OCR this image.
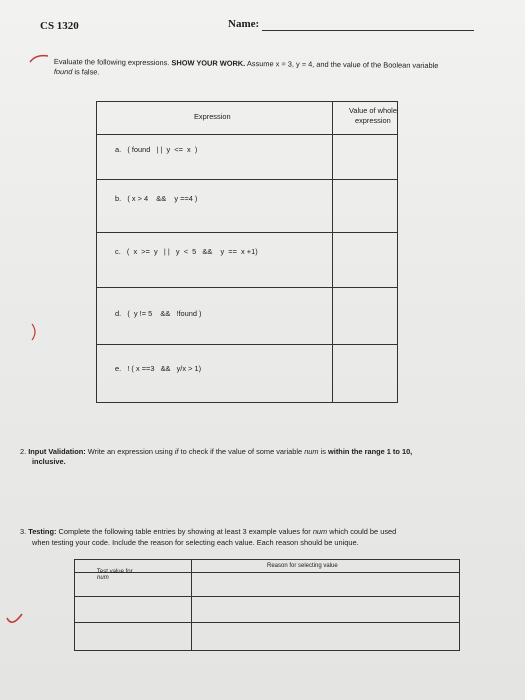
CS 1320	Name:
Evaluate the following expressions. SHOW YOUR WORK. Assume x = 3, y = 4, and the value of the Boolean variable
found is false.
Expression
Value of whole
expression
a.   ( found   | |  y  <=  x  )
b.   ( x > 4    &&    y ==4 )
c.   (  x  >=  y   | |   y  <  5   &&    y  ==  x +1)
d.   (  y != 5    &&   !found )
e.   ! ( x ==3   &&   y/x > 1)
2. Input Validation: Write an expression using if to check if the value of some variable num is within the range 1 to 10,
inclusive.
3. Testing: Complete the following table entries by showing at least 3 example values for num which could be used
when testing your code. Include the reason for selecting each value. Each reason should be unique.

Test value for
num

Reason for selecting value
